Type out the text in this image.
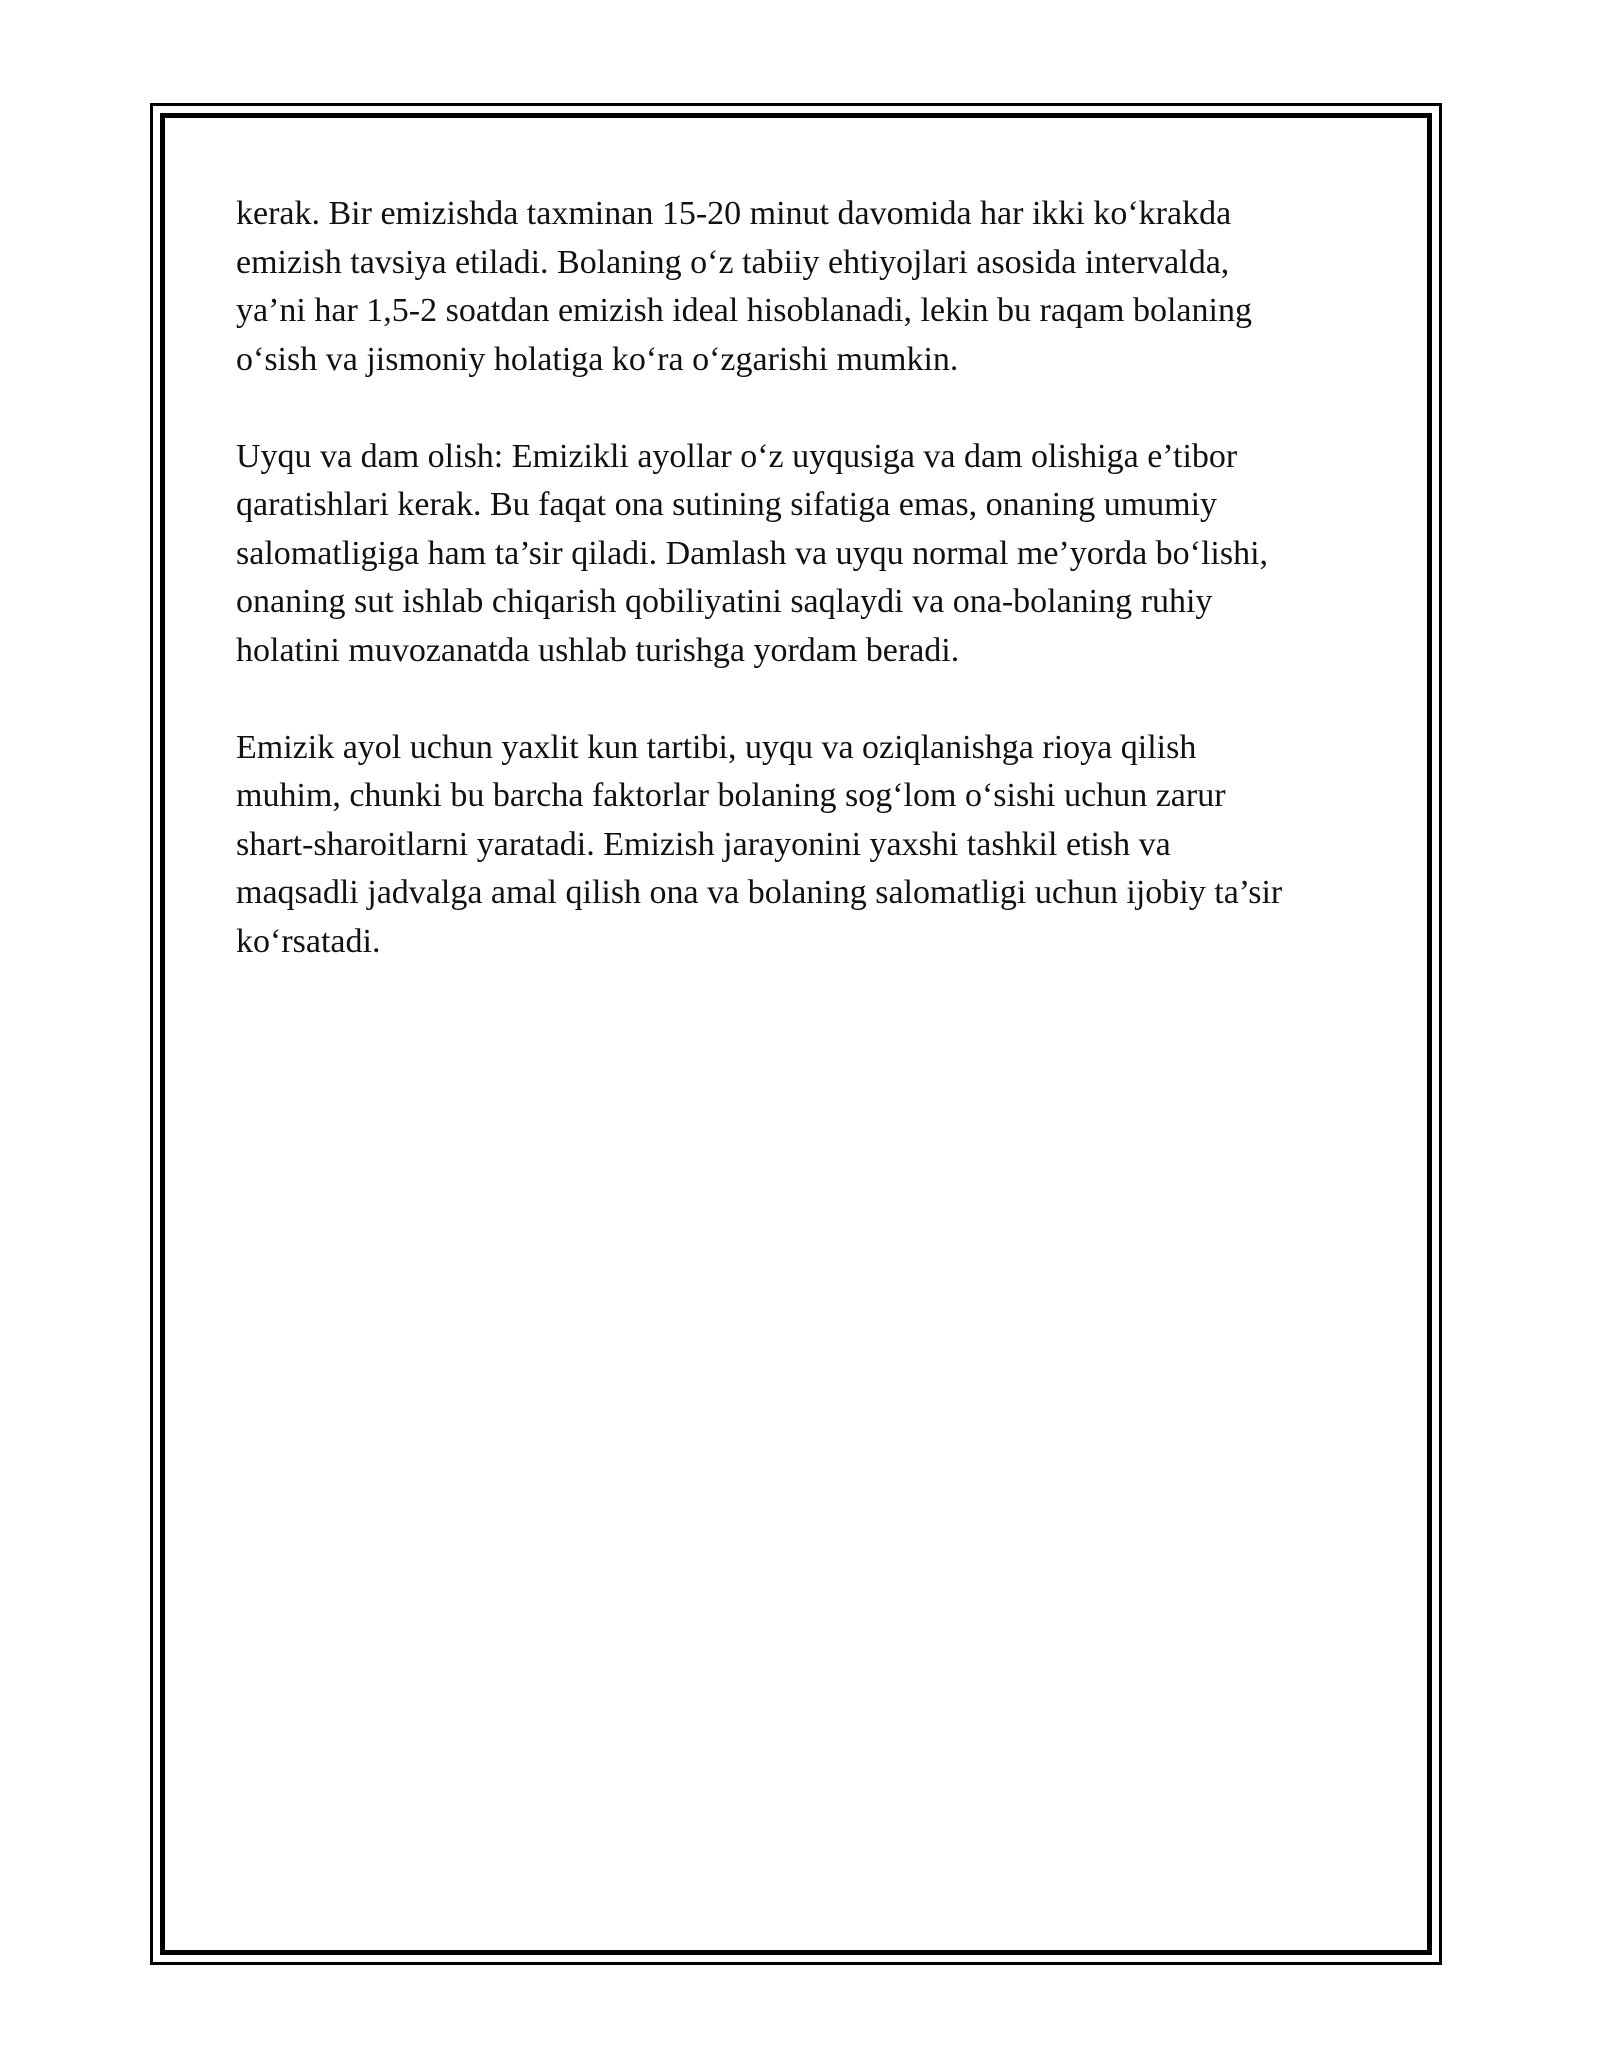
kerak. Bir emizishda taxminan 15-20 minut davomida har ikki koʻkrakda
emizish tavsiya etiladi. Bolaning oʻz tabiiy ehtiyojlari asosida intervalda,
ya’ni har 1,5-2 soatdan emizish ideal hisoblanadi, lekin bu raqam bolaning
oʻsish va jismoniy holatiga koʻra oʻzgarishi mumkin.

Uyqu va dam olish: Emizikli ayollar oʻz uyqusiga va dam olishiga e’tibor
qaratishlari kerak. Bu faqat ona sutining sifatiga emas, onaning umumiy
salomatligiga ham ta’sir qiladi. Damlash va uyqu normal me’yorda boʻlishi,
onaning sut ishlab chiqarish qobiliyatini saqlaydi va ona-bolaning ruhiy
holatini muvozanatda ushlab turishga yordam beradi.

Emizik ayol uchun yaxlit kun tartibi, uyqu va oziqlanishga rioya qilish
muhim, chunki bu barcha faktorlar bolaning sogʻlom oʻsishi uchun zarur
shart-sharoitlarni yaratadi. Emizish jarayonini yaxshi tashkil etish va
maqsadli jadvalga amal qilish ona va bolaning salomatligi uchun ijobiy ta’sir
koʻrsatadi.
